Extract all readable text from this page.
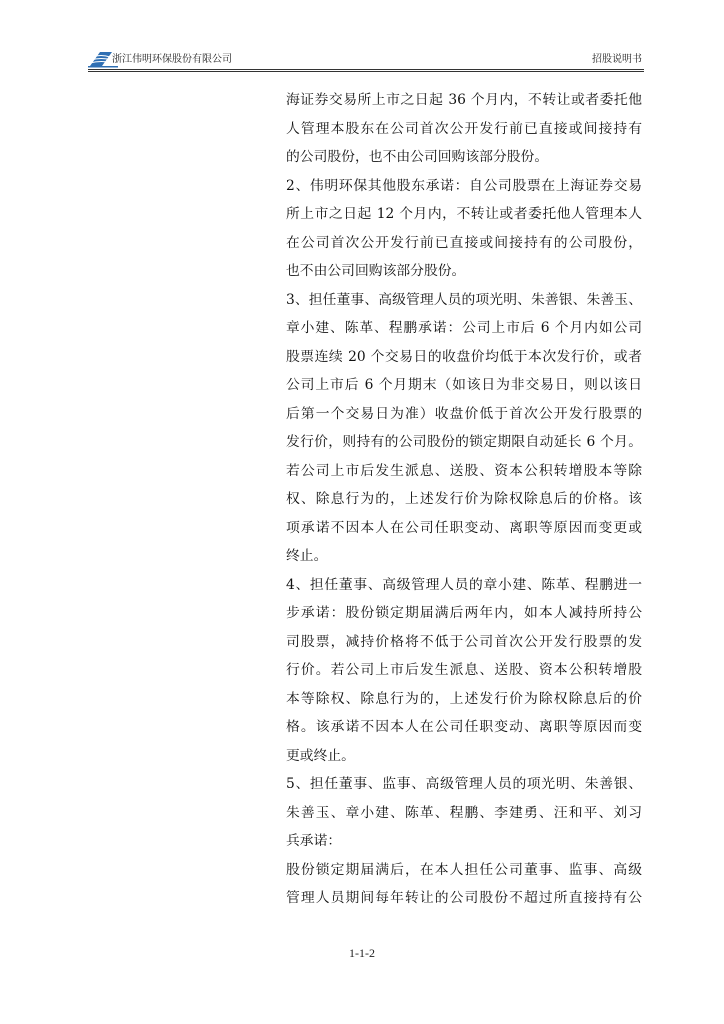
浙江伟明环保股份有限公司	招股说明书
海证券交易所上市之日起 36 个月内，不转让或者委托他
人管理本股东在公司首次公开发行前已直接或间接持有
的公司股份，也不由公司回购该部分股份。
2、伟明环保其他股东承诺：自公司股票在上海证券交易
所上市之日起 12 个月内，不转让或者委托他人管理本人
在公司首次公开发行前已直接或间接持有的公司股份，
也不由公司回购该部分股份。
3、担任董事、高级管理人员的项光明、朱善银、朱善玉、
章小建、陈革、程鹏承诺：公司上市后 6 个月内如公司
股票连续 20 个交易日的收盘价均低于本次发行价，或者
公司上市后 6 个月期末（如该日为非交易日，则以该日
后第一个交易日为准）收盘价低于首次公开发行股票的
发行价，则持有的公司股份的锁定期限自动延长 6 个月。
若公司上市后发生派息、送股、资本公积转增股本等除
权、除息行为的，上述发行价为除权除息后的价格。该
项承诺不因本人在公司任职变动、离职等原因而变更或
终止。
4、担任董事、高级管理人员的章小建、陈革、程鹏进一
步承诺：股份锁定期届满后两年内，如本人减持所持公
司股票，减持价格将不低于公司首次公开发行股票的发
行价。若公司上市后发生派息、送股、资本公积转增股
本等除权、除息行为的，上述发行价为除权除息后的价
格。该承诺不因本人在公司任职变动、离职等原因而变
更或终止。
5、担任董事、监事、高级管理人员的项光明、朱善银、
朱善玉、章小建、陈革、程鹏、李建勇、汪和平、刘习
兵承诺：
股份锁定期届满后，在本人担任公司董事、监事、高级
管理人员期间每年转让的公司股份不超过所直接持有公
1-1-2
